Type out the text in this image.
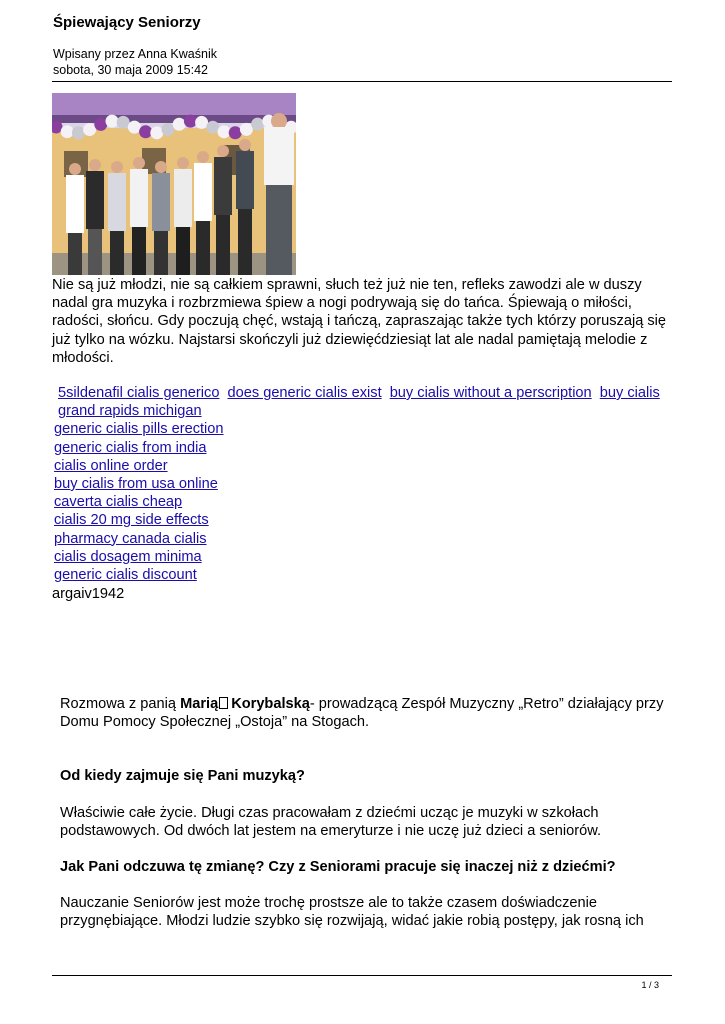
Śpiewający Seniorzy
Wpisany przez Anna Kwaśnik
sobota, 30 maja 2009 15:42
Nie są już młodzi, nie są całkiem sprawni, słuch też już nie ten, refleks zawodzi ale w duszy nadal gra muzyka i rozbrzmiewa śpiew a nogi podrywają się do tańca. Śpiewają o miłości, radości, słońcu. Gdy poczują chęć, wstają i tańczą, zapraszając także tych którzy poruszają się już tylko na wózku. Najstarsi skończyli już dziewięćdziesiąt lat ale nadal pamiętają melodie z młodości.
5sildenafil cialis generico does generic cialis exist buy cialis without a perscription buy cialis grand rapids michigan
generic cialis pills erection
generic cialis from india
cialis online order
buy cialis from usa online
caverta cialis cheap
cialis 20 mg side effects
pharmacy canada cialis
cialis dosagem minima
generic cialis discount
argaiv1942
Rozmowa z panią Marią Korybalską- prowadzącą Zespół Muzyczny „Retro” działający przy Domu Pomocy Społecznej „Ostoja” na Stogach.
Od kiedy zajmuje się Pani muzyką?
Właściwie całe życie. Długi czas pracowałam z dziećmi ucząc je muzyki w szkołach podstawowych. Od dwóch lat jestem na emeryturze i nie uczę już dzieci a seniorów.
Jak Pani odczuwa tę zmianę? Czy z Seniorami pracuje się inaczej niż z dziećmi?
Nauczanie Seniorów jest może trochę prostsze ale to także czasem doświadczenie przygnębiające. Młodzi ludzie szybko się rozwijają, widać jakie robią postępy, jak rosną ich
1 / 3
